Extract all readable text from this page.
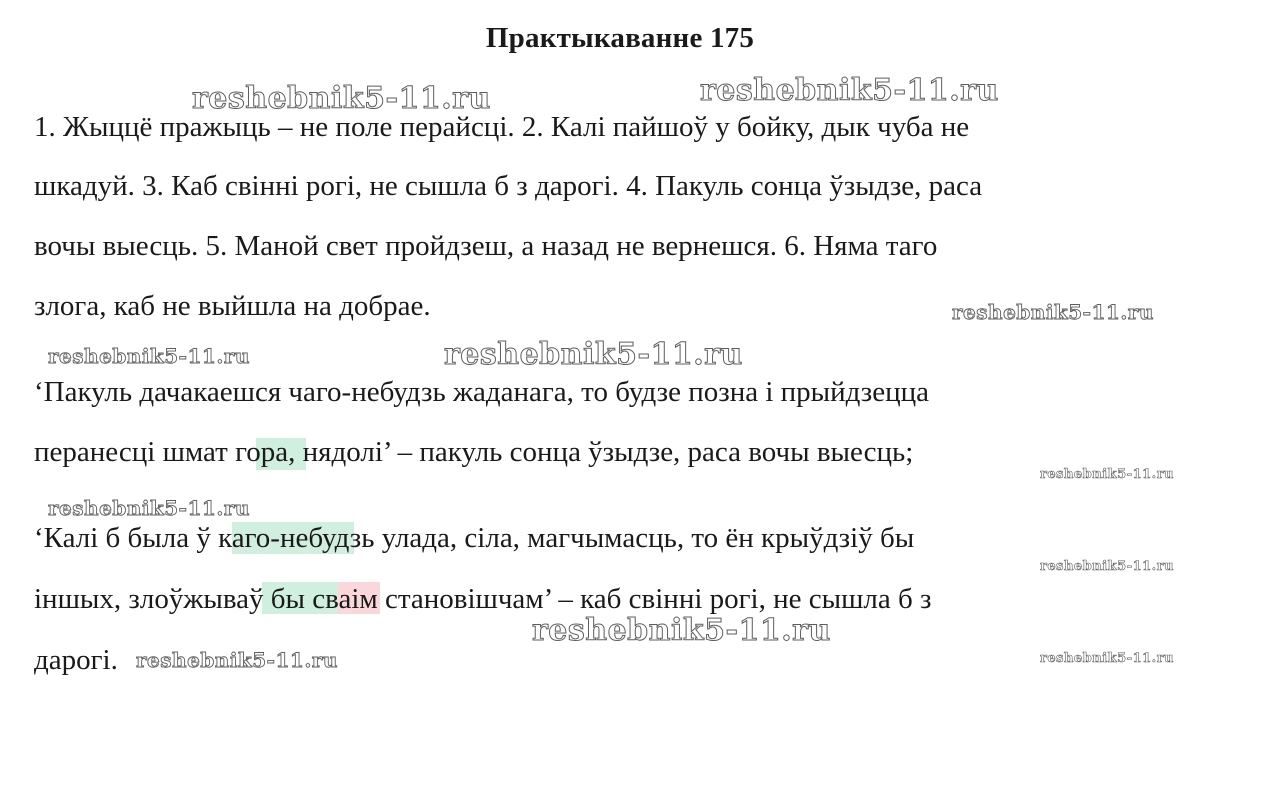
Практыкаванне 175
1. Жыццё пражыць – не поле перайсці. 2. Калі пайшоў у бойку, дык чуба не
шкадуй. 3. Каб свінні рогі, не сышла б з дарогі. 4. Пакуль сонца ўзыдзе, раса
вочы выесць. 5. Маной свет пройдзеш, а назад не вернешся. 6. Няма таго
злога, каб не выйшла на добрае.
‘Пакуль дачакаешся чаго-небудзь жаданага, то будзе позна і прыйдзецца
перанесці шмат гора, нядолі’ – пакуль сонца ўзыдзе, раса вочы выесць;
‘Калі б была ў каго-небудзь улада, сіла, магчымасць, то ён крыўдзіў бы
іншых, злоўжываў бы сваім становішчам’ – каб свінні рогі, не сышла б з
дарогі.
reshebnik5-11.ru	reshebnik5-11.ru
reshebnik5-11.ru
reshebnik5-11.ru	reshebnik5-11.ru
reshebnik5-11.ru
reshebnik5-11.ru
reshebnik5-11.ru
reshebnik5-11.ru
reshebnik5-11.ru	reshebnik5-11.ru
